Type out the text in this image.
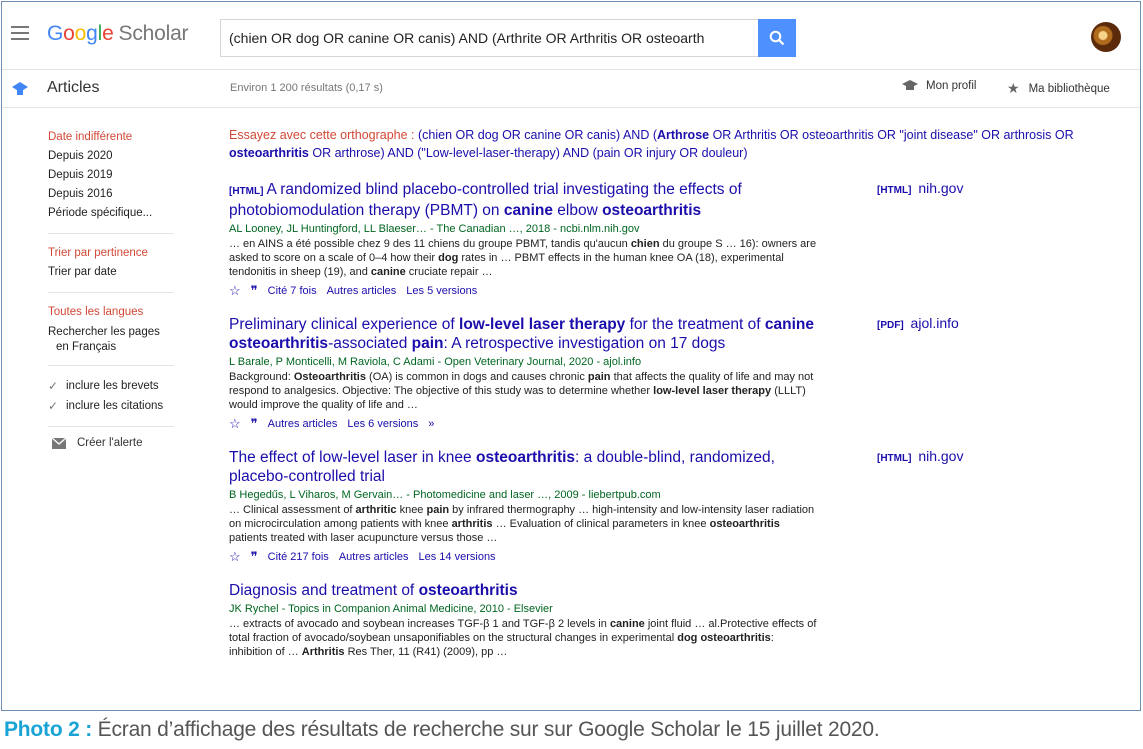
Google Scholar
(chien OR dog OR canine OR canis) AND (Arthrite OR Arthritis OR osteoarth
Articles	Environ 1 200 résultats (0,17 s)	Mon profil ★ Ma bibliothèque
Date indifférente
Depuis 2020
Depuis 2019
Depuis 2016
Période spécifique...
Trier par pertinence
Trier par date
Toutes les langues
Rechercher les pages
en Français
✓ inclure les brevets
✓ inclure les citations
Créer l'alerte
Essayez avec cette orthographe : (chien OR dog OR canine OR canis) AND (Arthrose OR Arthritis OR osteoarthritis OR "joint disease" OR arthrosis OR osteoarthritis OR arthrose) AND ("Low-level-laser-therapy) AND (pain OR injury OR douleur)
[HTML] A randomized blind placebo-controlled trial investigating the effects of photobiomodulation therapy (PBMT) on canine elbow osteoarthritis
AL Looney, JL Huntingford, LL Blaeser… - The Canadian …, 2018 - ncbi.nlm.nih.gov
… en AINS a été possible chez 9 des 11 chiens du groupe PBMT, tandis qu'aucun chien du groupe S … 16): owners are asked to score on a scale of 0–4 how their dog rates in … PBMT effects in the human knee OA (18), experimental tendonitis in sheep (19), and canine cruciate repair …
☆ ❞ Cité 7 fois Autres articles Les 5 versions
[HTML] nih.gov
Preliminary clinical experience of low-level laser therapy for the treatment of canine osteoarthritis-associated pain: A retrospective investigation on 17 dogs
L Barale, P Monticelli, M Raviola, C Adami - Open Veterinary Journal, 2020 - ajol.info
Background: Osteoarthritis (OA) is common in dogs and causes chronic pain that affects the quality of life and may not respond to analgesics. Objective: The objective of this study was to determine whether low-level laser therapy (LLLT) would improve the quality of life and …
☆ ❞ Autres articles Les 6 versions »
[PDF] ajol.info
The effect of low-level laser in knee osteoarthritis: a double-blind, randomized, placebo-controlled trial
B Hegedűs, L Viharos, M Gervain… - Photomedicine and laser …, 2009 - liebertpub.com
… Clinical assessment of arthritic knee pain by infrared thermography … high-intensity and low-intensity laser radiation on microcirculation among patients with knee arthritis … Evaluation of clinical parameters in knee osteoarthritis patients treated with laser acupuncture versus those …
☆ ❞ Cité 217 fois Autres articles Les 14 versions
[HTML] nih.gov
Diagnosis and treatment of osteoarthritis
JK Rychel - Topics in Companion Animal Medicine, 2010 - Elsevier
… extracts of avocado and soybean increases TGF-β 1 and TGF-β 2 levels in canine joint fluid … al.Protective effects of total fraction of avocado/soybean unsaponifiables on the structural changes in experimental dog osteoarthritis: inhibition of … Arthritis Res Ther, 11 (R41) (2009), pp …
Photo 2 : Écran d’affichage des résultats de recherche sur sur Google Scholar le 15 juillet 2020.
